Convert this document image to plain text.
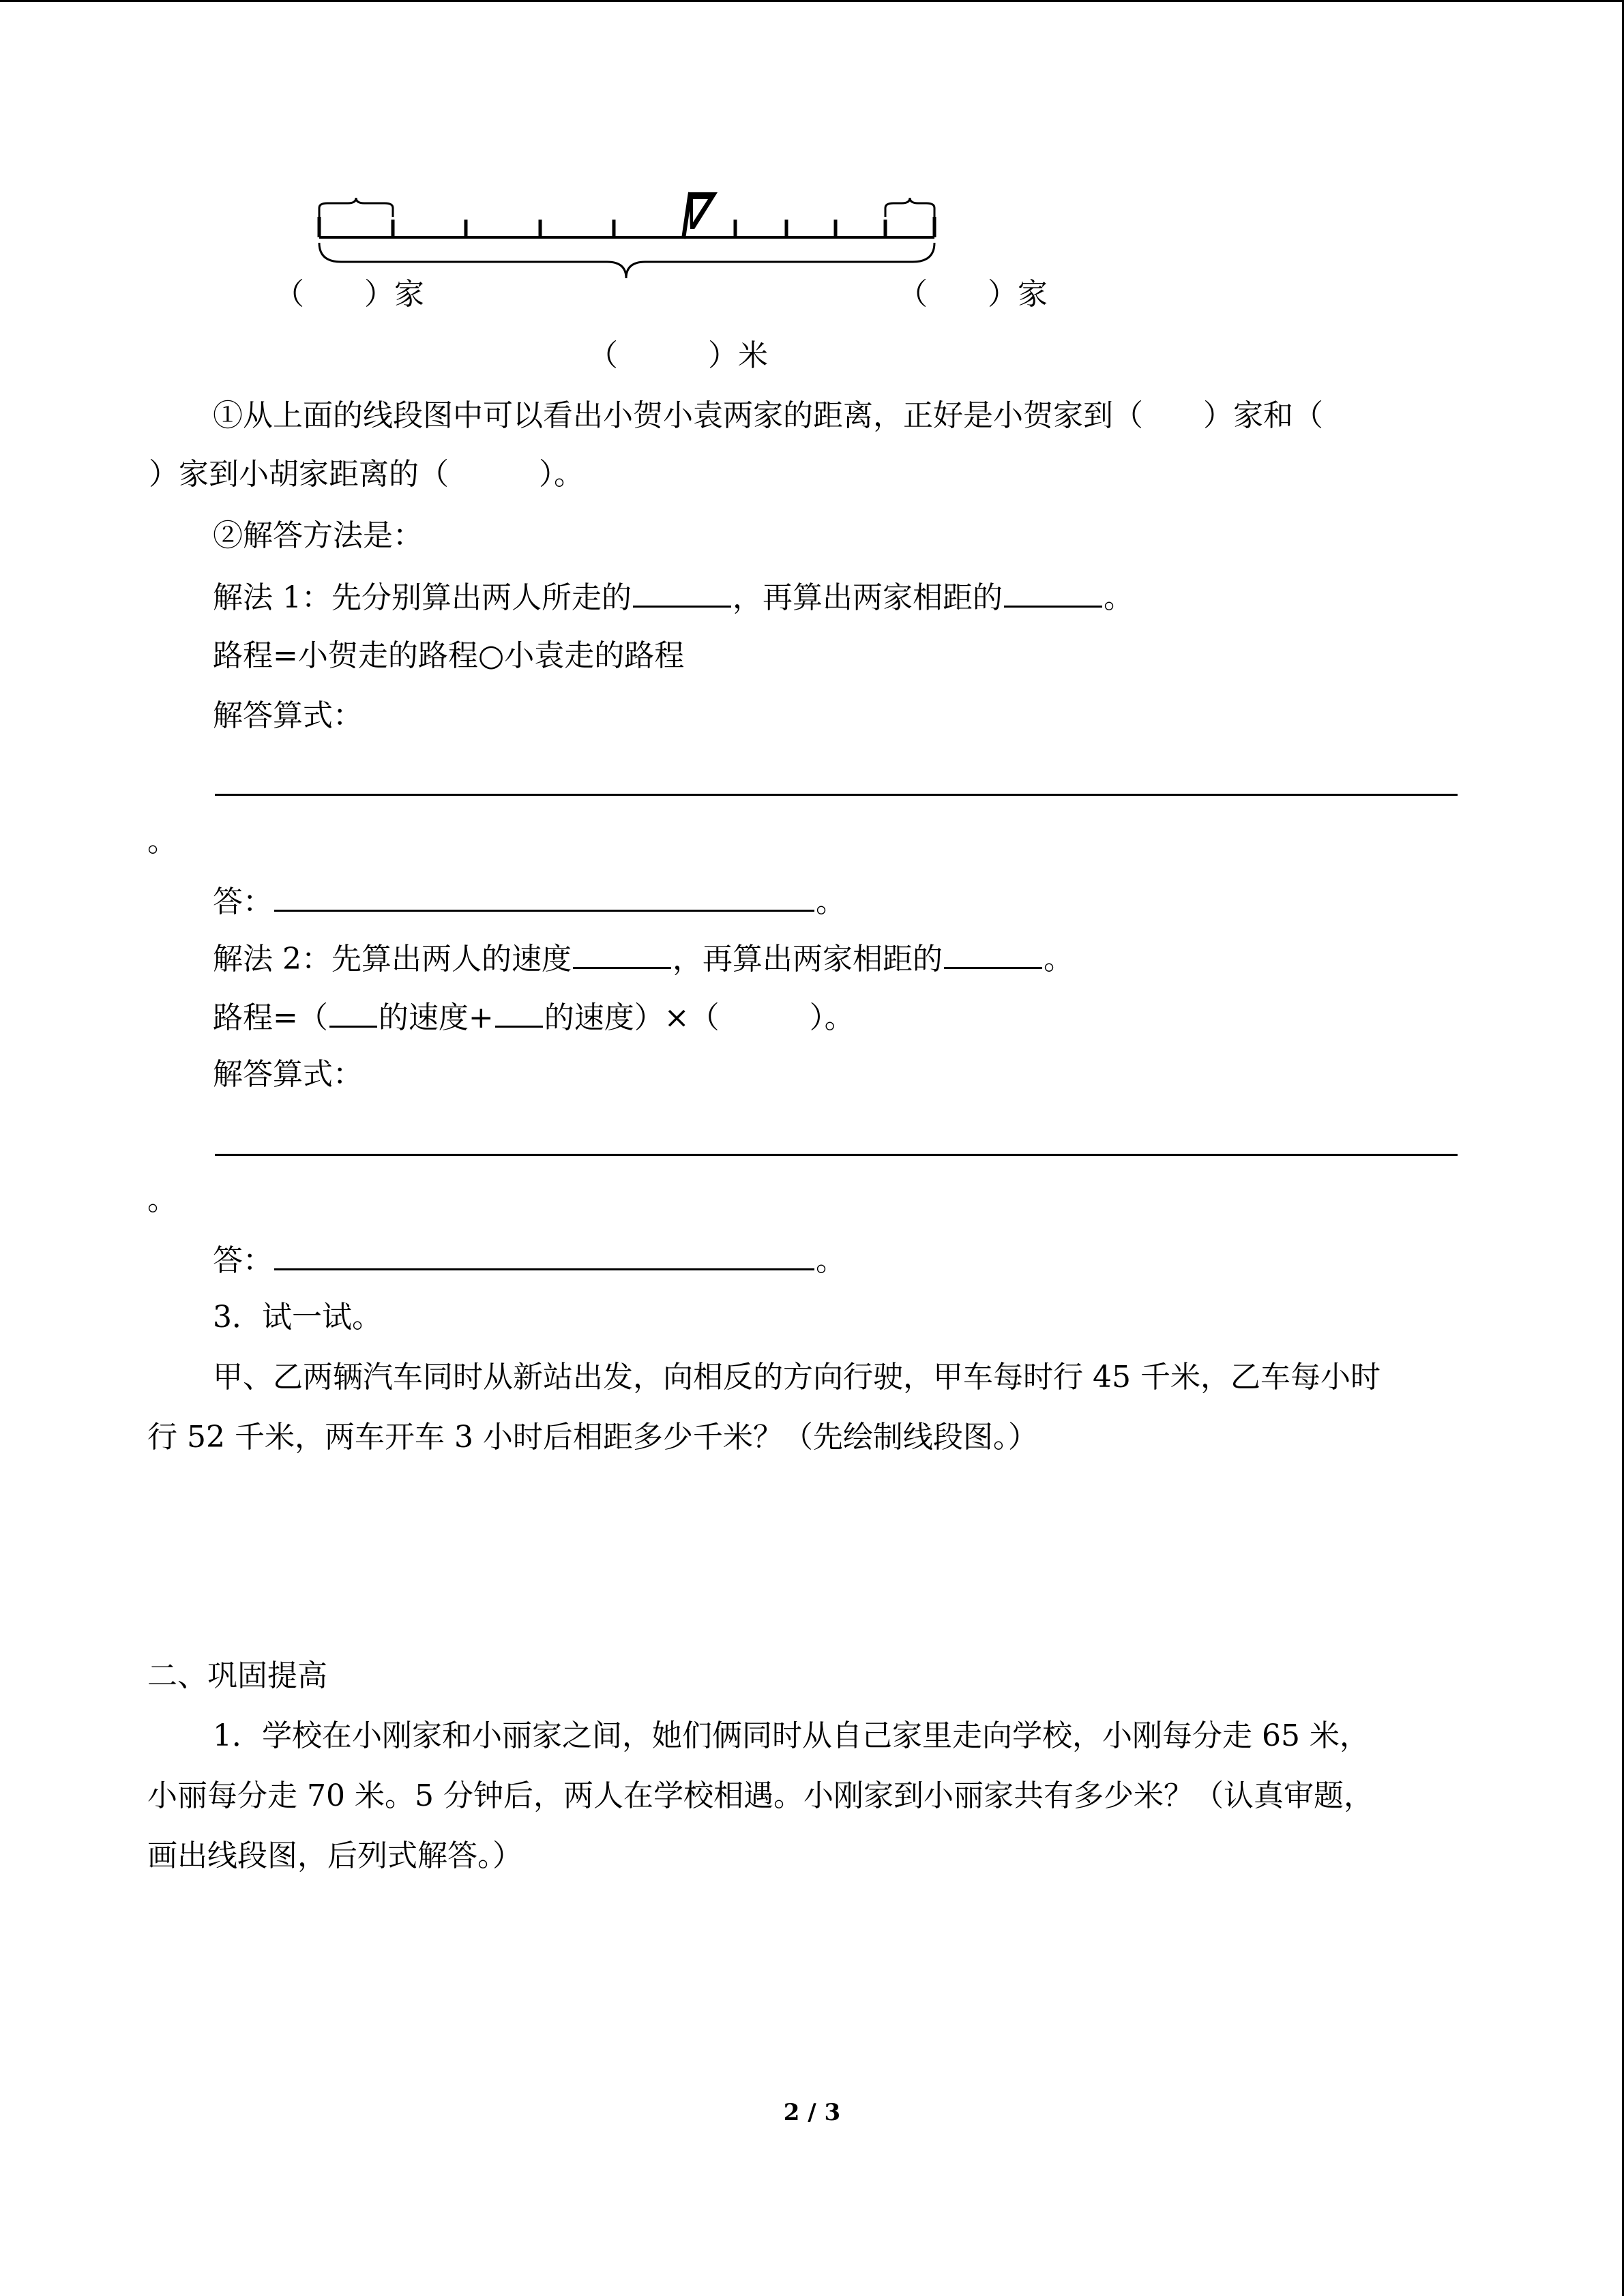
（　　）家	（　　）家
（　　　）米
①从上面的线段图中可以看出小贺小袁两家的距离，正好是小贺家到（　　）家和（
）家到小胡家距离的（　　　）。
②解答方法是：
解法 1：先分别算出两人所走的	，再算出两家相距的	。
路程=小贺走的路程○小袁走的路程
解答算式：
。
答：	。
解法 2：先算出两人的速度	，再算出两家相距的	。
路程=（ 的速度+ 的速度）×（　　　）。
解答算式：
。
答：	。
3．试一试。
甲、乙两辆汽车同时从新站出发，向相反的方向行驶，甲车每时行 45 千米，乙车每小时
行 52 千米，两车开车 3 小时后相距多少千米？（先绘制线段图。）
二、巩固提高
1．学校在小刚家和小丽家之间，她们俩同时从自己家里走向学校，小刚每分走 65 米，
小丽每分走 70 米。5 分钟后，两人在学校相遇。小刚家到小丽家共有多少米？（认真审题，
画出线段图，后列式解答。）
2 / 3
